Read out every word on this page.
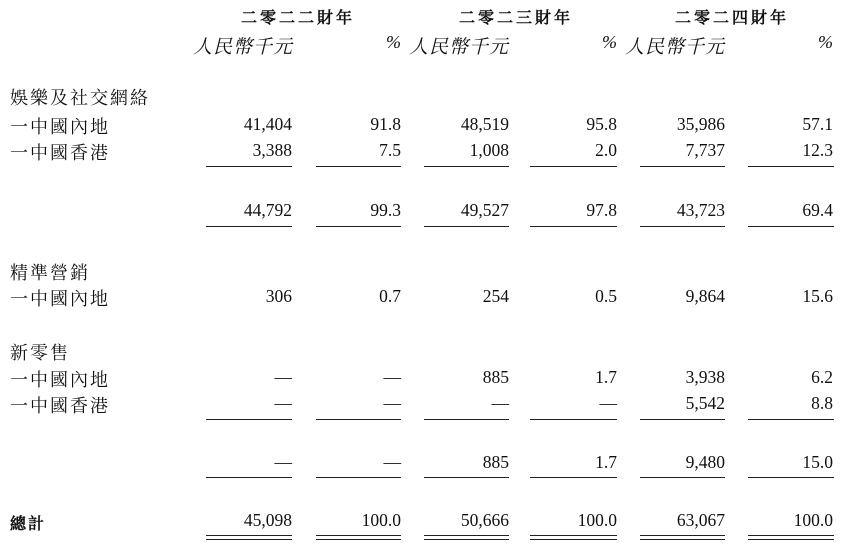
二零二二財年	二零二三財年	二零二四財年
人民幣千元	% 人民幣千元	% 人民幣千元	%
娛樂及社交網絡
一中國內地	41,404	91.8	48,519	95.8	35,986	57.1
一中國香港	3,388	7.5	1,008	2.0	7,737	12.3
44,792	99.3	49,527	97.8	43,723	69.4
精準營銷
一中國內地	306	0.7	254	0.5	9,864	15.6
新零售
一中國內地	—	—	885	1.7	3,938	6.2
一中國香港	—	—	—	—	5,542	8.8
—	—	885	1.7	9,480	15.0
總計	45,098	100.0	50,666	100.0	63,067	100.0
